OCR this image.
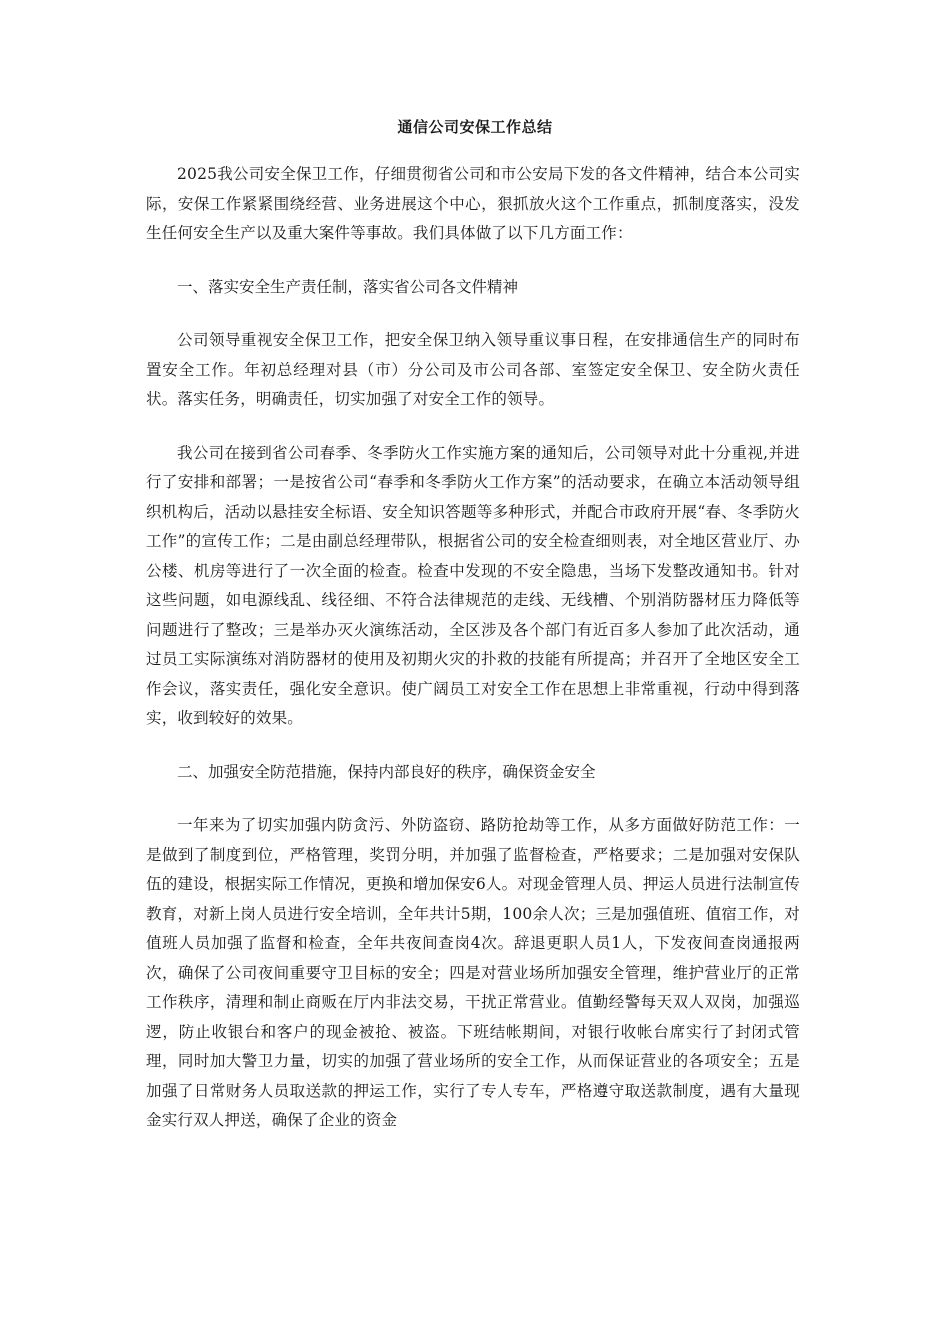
通信公司安保工作总结

2025我公司安全保卫工作，仔细贯彻省公司和市公安局下发的各文件精神，结合本公司实际，安保工作紧紧围绕经营、业务进展这个中心，狠抓放火这个工作重点，抓制度落实，没发生任何安全生产以及重大案件等事故。我们具体做了以下几方面工作：

一、落实安全生产责任制，落实省公司各文件精神

公司领导重视安全保卫工作，把安全保卫纳入领导重议事日程，在安排通信生产的同时布置安全工作。年初总经理对县（市）分公司及市公司各部、室签定安全保卫、安全防火责任状。落实任务，明确责任，切实加强了对安全工作的领导。

我公司在接到省公司春季、冬季防火工作实施方案的通知后，公司领导对此十分重视,并进行了安排和部署；一是按省公司“春季和冬季防火工作方案”的活动要求，在确立本活动领导组织机构后，活动以悬挂安全标语、安全知识答题等多种形式，并配合市政府开展“春、冬季防火工作”的宣传工作；二是由副总经理带队，根据省公司的安全检查细则表，对全地区营业厅、办公楼、机房等进行了一次全面的检查。检查中发现的不安全隐患，当场下发整改通知书。针对这些问题，如电源线乱、线径细、不符合法律规范的走线、无线槽、个别消防器材压力降低等问题进行了整改；三是举办灭火演练活动，全区涉及各个部门有近百多人参加了此次活动，通过员工实际演练对消防器材的使用及初期火灾的扑救的技能有所提高；并召开了全地区安全工作会议，落实责任，强化安全意识。使广阔员工对安全工作在思想上非常重视，行动中得到落实，收到较好的效果。

二、加强安全防范措施，保持内部良好的秩序，确保资金安全

一年来为了切实加强内防贪污、外防盗窃、路防抢劫等工作，从多方面做好防范工作：一是做到了制度到位，严格管理，奖罚分明，并加强了监督检查，严格要求；二是加强对安保队伍的建设，根据实际工作情况，更换和增加保安6人。对现金管理人员、押运人员进行法制宣传教育，对新上岗人员进行安全培训，全年共计5期，100余人次；三是加强值班、值宿工作，对值班人员加强了监督和检查，全年共夜间查岗4次。辞退更职人员1人，下发夜间查岗通报两次，确保了公司夜间重要守卫目标的安全；四是对营业场所加强安全管理，维护营业厅的正常工作秩序，清理和制止商贩在厅内非法交易，干扰正常营业。值勤经警每天双人双岗，加强巡逻，防止收银台和客户的现金被抢、被盗。下班结帐期间，对银行收帐台席实行了封闭式管理，同时加大警卫力量，切实的加强了营业场所的安全工作，从而保证营业的各项安全；五是加强了日常财务人员取送款的押运工作，实行了专人专车，严格遵守取送款制度，遇有大量现金实行双人押送，确保了企业的资金
